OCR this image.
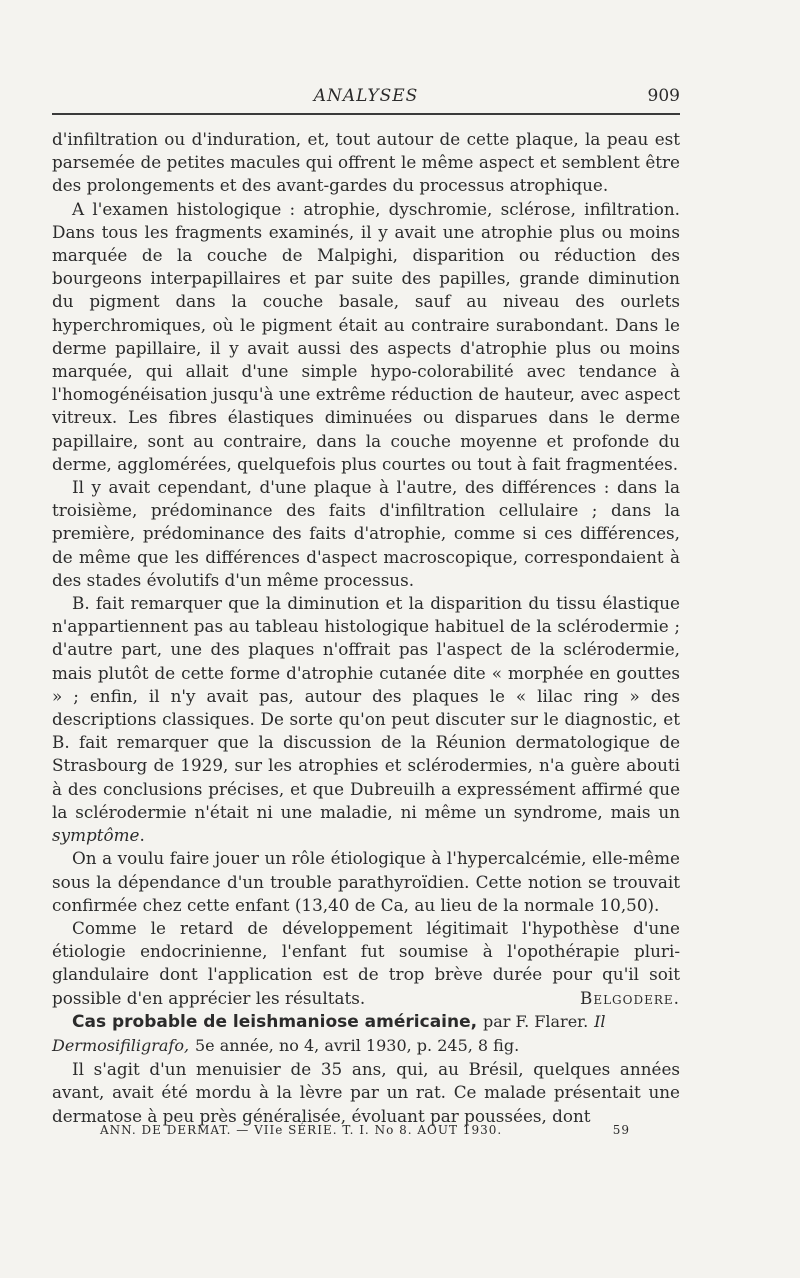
ANALYSES	909

d'infiltration ou d'induration, et, tout autour de cette plaque, la peau est parsemée de petites macules qui offrent le même aspect et semblent être des prolongements et des avant-gardes du processus atrophique.

A l'examen histologique : atrophie, dyschromie, sclérose, infiltration. Dans tous les fragments examinés, il y avait une atrophie plus ou moins marquée de la couche de Malpighi, disparition ou réduction des bourgeons interpapillaires et par suite des papilles, grande diminution du pigment dans la couche basale, sauf au niveau des ourlets hyperchromiques, où le pigment était au contraire surabondant. Dans le derme papillaire, il y avait aussi des aspects d'atrophie plus ou moins marquée, qui allait d'une simple hypo-colorabilité avec tendance à l'homogénéisation jusqu'à une extrême réduction de hauteur, avec aspect vitreux. Les fibres élastiques diminuées ou disparues dans le derme papillaire, sont au contraire, dans la couche moyenne et profonde du derme, agglomérées, quelquefois plus courtes ou tout à fait fragmentées.

Il y avait cependant, d'une plaque à l'autre, des différences : dans la troisième, prédominance des faits d'infiltration cellulaire ; dans la première, prédominance des faits d'atrophie, comme si ces différences, de même que les différences d'aspect macroscopique, correspondaient à des stades évolutifs d'un même processus.

B. fait remarquer que la diminution et la disparition du tissu élastique n'appartiennent pas au tableau histologique habituel de la sclérodermie ; d'autre part, une des plaques n'offrait pas l'aspect de la sclérodermie, mais plutôt de cette forme d'atrophie cutanée dite « morphée en gouttes » ; enfin, il n'y avait pas, autour des plaques le « lilac ring » des descriptions classiques. De sorte qu'on peut discuter sur le diagnostic, et B. fait remarquer que la discussion de la Réunion dermatologique de Strasbourg de 1929, sur les atrophies et sclérodermies, n'a guère abouti à des conclusions précises, et que Dubreuilh a expressément affirmé que la sclérodermie n'était ni une maladie, ni même un syndrome, mais un symptôme.

On a voulu faire jouer un rôle étiologique à l'hypercalcémie, elle-même sous la dépendance d'un trouble parathyroïdien. Cette notion se trouvait confirmée chez cette enfant (13,40 de Ca, au lieu de la normale 10,50).

Comme le retard de développement légitimait l'hypothèse d'une étiologie endocrinienne, l'enfant fut soumise à l'opothérapie pluri-glandulaire dont l'application est de trop brève durée pour qu'il soit possible d'en apprécier les résultats.	Belgodere.

Cas probable de leishmaniose américaine, par F. Flarer. Il Dermosifiligrafo, 5e année, no 4, avril 1930, p. 245, 8 fig.

Il s'agit d'un menuisier de 35 ans, qui, au Brésil, quelques années avant, avait été mordu à la lèvre par un rat. Ce malade présentait une dermatose à peu près généralisée, évoluant par poussées, dont

ANN. DE DERMAT. — VIIe SÉRIE. T. I. No 8. AOUT 1930.	59
